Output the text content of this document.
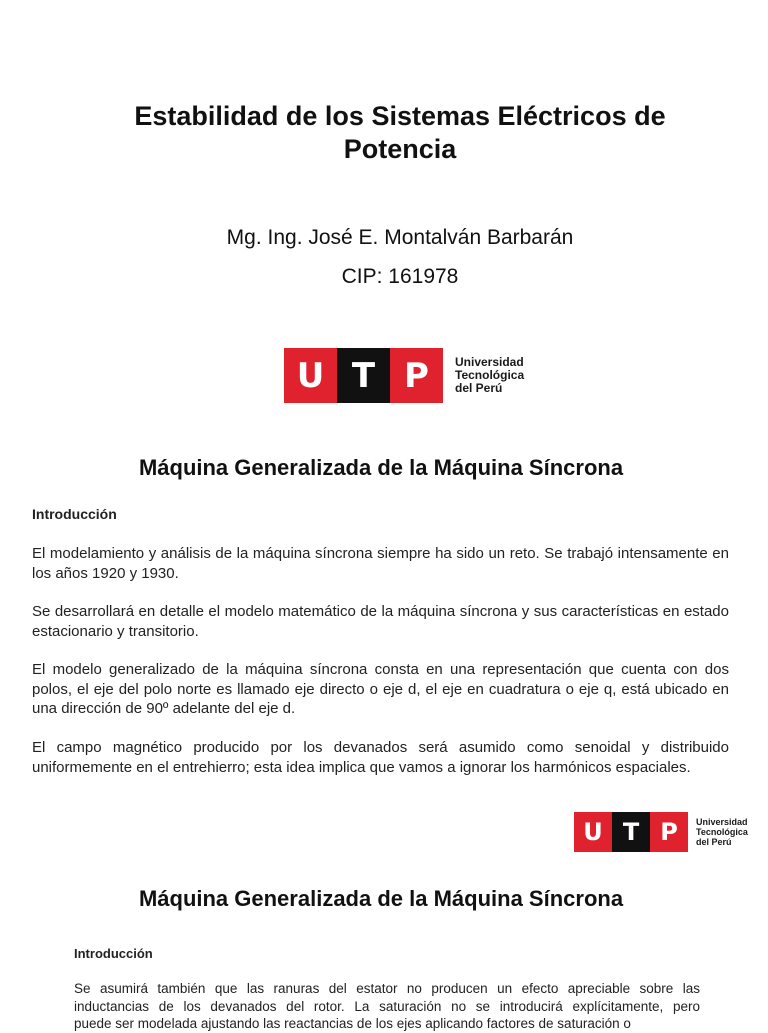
Estabilidad de los Sistemas Eléctricos de Potencia
Mg. Ing. José E. Montalván Barbarán
CIP: 161978
U T P	Universidad
Tecnológica
del Perú
Máquina Generalizada de la Máquina Síncrona
Introducción
El modelamiento y análisis de la máquina síncrona siempre ha sido un reto. Se trabajó intensamente en los años 1920 y 1930.
Se desarrollará en detalle el modelo matemático de la máquina síncrona y sus características en estado estacionario y transitorio.
El modelo generalizado de la máquina síncrona consta en una representación que cuenta con dos polos, el eje del polo norte es llamado eje directo o eje d, el eje en cuadratura o eje q, está ubicado en una dirección de 90º adelante del eje d.
El campo magnético producido por los devanados será asumido como senoidal y distribuido uniformemente en el entrehierro; esta idea implica que vamos a ignorar los harmónicos espaciales.
U T P	Universidad
Tecnológica
del Perú
Máquina Generalizada de la Máquina Síncrona
Introducción
Se asumirá también que las ranuras del estator no producen un efecto apreciable sobre las
inductancias de los devanados del rotor. La saturación no se introducirá explícitamente, pero
puede ser modelada ajustando las reactancias de los ejes aplicando factores de saturación o
